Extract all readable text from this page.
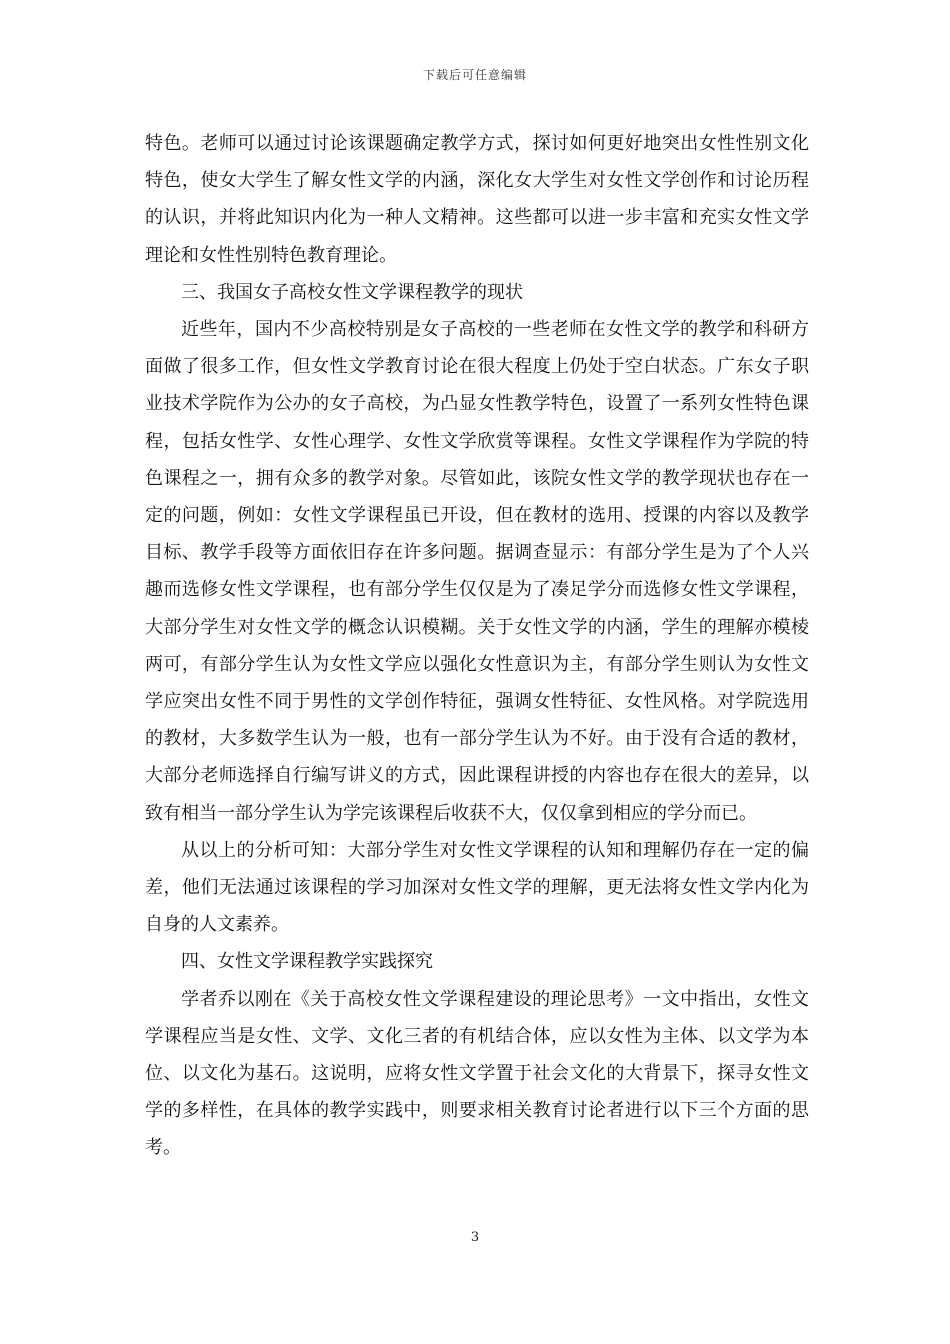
下载后可任意编辑

特色。老师可以通过讨论该课题确定教学方式，探讨如何更好地突出女性性别文化特色，使女大学生了解女性文学的内涵，深化女大学生对女性文学创作和讨论历程的认识，并将此知识内化为一种人文精神。这些都可以进一步丰富和充实女性文学理论和女性性别特色教育理论。

三、我国女子高校女性文学课程教学的现状

近些年，国内不少高校特别是女子高校的一些老师在女性文学的教学和科研方面做了很多工作，但女性文学教育讨论在很大程度上仍处于空白状态。广东女子职业技术学院作为公办的女子高校，为凸显女性教学特色，设置了一系列女性特色课程，包括女性学、女性心理学、女性文学欣赏等课程。女性文学课程作为学院的特色课程之一，拥有众多的教学对象。尽管如此，该院女性文学的教学现状也存在一定的问题，例如：女性文学课程虽已开设，但在教材的选用、授课的内容以及教学目标、教学手段等方面依旧存在许多问题。据调查显示：有部分学生是为了个人兴趣而选修女性文学课程，也有部分学生仅仅是为了凑足学分而选修女性文学课程，大部分学生对女性文学的概念认识模糊。关于女性文学的内涵，学生的理解亦模棱两可，有部分学生认为女性文学应以强化女性意识为主，有部分学生则认为女性文学应突出女性不同于男性的文学创作特征，强调女性特征、女性风格。对学院选用的教材，大多数学生认为一般，也有一部分学生认为不好。由于没有合适的教材，大部分老师选择自行编写讲义的方式，因此课程讲授的内容也存在很大的差异，以致有相当一部分学生认为学完该课程后收获不大，仅仅拿到相应的学分而已。

从以上的分析可知：大部分学生对女性文学课程的认知和理解仍存在一定的偏差，他们无法通过该课程的学习加深对女性文学的理解，更无法将女性文学内化为自身的人文素养。

四、女性文学课程教学实践探究

学者乔以刚在《关于高校女性文学课程建设的理论思考》一文中指出，女性文学课程应当是女性、文学、文化三者的有机结合体，应以女性为主体、以文学为本位、以文化为基石。这说明，应将女性文学置于社会文化的大背景下，探寻女性文学的多样性，在具体的教学实践中，则要求相关教育讨论者进行以下三个方面的思考。

3
